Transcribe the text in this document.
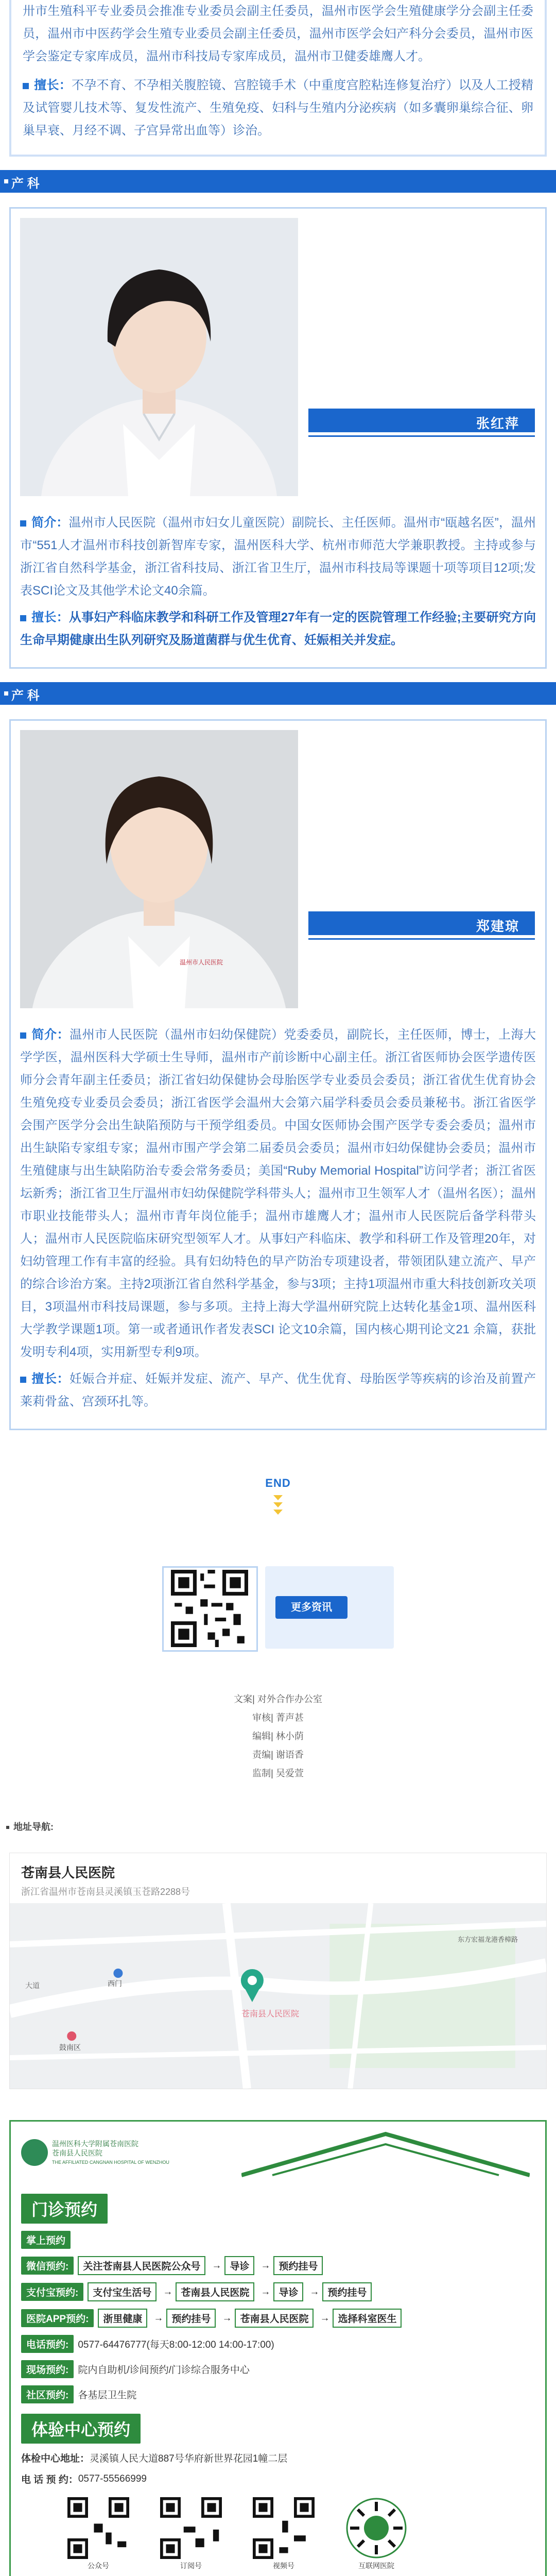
卅市生殖科平专业委员会推准专业委员会副主任委员，温州市医学会生殖健康学分会副主任委员，温州市中医药学会生殖专业委员会副主任委员，温州市医学会妇产科分会委员，温州市医学会鉴定专家库成员，温州市科技局专家库成员，温州市卫健委雄鹰人才。

擅长：不孕不育、不孕相关腹腔镜、宫腔镜手术（中重度宫腔粘连修复治疗）以及人工授精及试管婴儿技术等、复发性流产、生殖免疫、妇科与生殖内分泌疾病（如多囊卵巢综合征、卵巢早衰、月经不调、子宫异常出血等）诊治。

产 科
张红萍

简介：温州市人民医院（温州市妇女儿童医院）副院长、主任医师。温州市“瓯越名医”，温州市“551人才温州市科技创新智库专家，温州医科大学、杭州市师范大学兼职教授。主持或参与浙江省自然科学基金，浙江省科技局、浙江省卫生厅，温州市科技局等课题十项等项目12项;发表SCI论文及其他学术论文40余篇。

擅长：从事妇产科临床教学和科研工作及管理27年有一定的医院管理工作经验;主要研究方向生命早期健康出生队列研究及肠道菌群与优生优育、妊娠相关并发症。

产 科
温州市人民医院
郑建琼

简介：温州市人民医院（温州市妇幼保健院）党委委员，副院长，主任医师，博士，上海大学学医，温州医科大学硕士生导师，温州市产前诊断中心副主任。浙江省医师协会医学遗传医师分会青年副主任委员；浙江省妇幼保健协会母胎医学专业委员会委员；浙江省优生优育协会生殖免疫专业委员会委员；浙江省医学会温州大会第六届学科委员会委员兼秘书。浙江省医学会围产医学分会出生缺陷预防与干预学组委员。中国女医师协会围产医学专委会委员；温州市出生缺陷专家组专家；温州市围产学会第二届委员会委员；温州市妇幼保健协会委员；温州市生殖健康与出生缺陷防治专委会常务委员；美国“Ruby Memorial Hospital”访问学者；浙江省医坛新秀；浙江省卫生厅温州市妇幼保健院学科带头人；温州市卫生领军人才（温州名医）；温州市职业技能带头人；温州市青年岗位能手；温州市雄鹰人才；温州市人民医院后备学科带头人；温州市人民医院临床研究型领军人才。从事妇产科临床、教学和科研工作及管理20年，对妇幼管理工作有丰富的经验。具有妇幼特色的早产防治专项建设者，带领团队建立流产、早产的综合诊治方案。主持2项浙江省自然科学基金，参与3项；主持1项温州市重大科技创新攻关项目，3项温州市科技局课题，参与多项。主持上海大学温州研究院上达转化基金1项、温州医科大学教学课题1项。第一或者通讯作者发表SCI 论文10余篇，国内核心期刊论文21 余篇，获批发明专利4项，实用新型专利9项。

擅长：妊娠合并症、妊娠并发症、流产、早产、优生优育、母胎医学等疾病的诊治及前置产莱莉骨盆、宫颈环扎等。

END
更多资讯
文案| 对外合作办公室
审核| 菁声甚
编辑| 林小荫
责编| 谢语香
监制| 吴爱萱
地址导航:
苍南县人民医院
浙江省温州市苍南县灵溪镇玉苍路2288号
苍南县人民医院
大道	西门
鼓南区
东方宏福龙港香樟路
温州医科大学附属苍南医院
苍南县人民医院
THE AFFILIATED CANGNAN HOSPITAL OF WENZHOU
门诊预约
掌上预约
微信预约:	关注苍南县人民医院公众号	→ 导诊	→ 预约挂号
支付宝预约:	支付宝生活号	→ 苍南县人民医院	→ 导诊	→ 预约挂号
医院APP预约:	浙里健康	→ 预约挂号	→ 苍南县人民医院	→ 选择科室医生
电话预约: 0577-64476777(每天8:00-12:00 14:00-17:00)
现场预约: 院内自助机/诊间预约/门诊综合服务中心
社区预约: 各基层卫生院
体验中心预约
体检中心地址： 灵溪镇人民大道887号华府新世界花园1幢二层
电 话 预 约： 0577-55566999
公众号	订阅号	视频号	互联网医院
